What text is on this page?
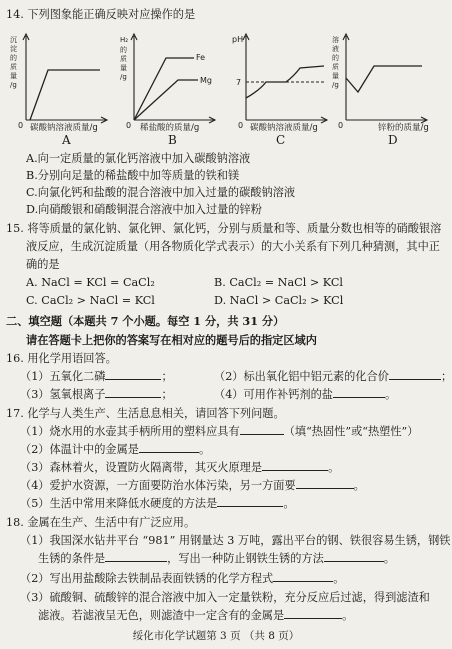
14. 下列图象能正确反映对应操作的是
沉
淀
的
质
量
/g
0 碳酸钠溶液质量/g
H₂
的
质
量
/g
Fe
Mg
0 稀盐酸的质量/g
pH
7
0 碳酸钠溶液质量/g
溶
液
的
质
量
/g
0	锌粉的质量/g
A	B	C	D
A.向一定质量的氯化钙溶液中加入碳酸钠溶液
B.分别向足量的稀盐酸中加等质量的铁和镁
C.向氯化钙和盐酸的混合溶液中加入过量的碳酸钠溶液
D.向硝酸银和硝酸铜混合溶液中加入过量的锌粉
15. 将等质量的氯化钠、氯化钾、氯化钙，分别与质量和等、质量分数也相等的硝酸银溶
液反应，生成沉淀质量（用各物质化学式表示）的大小关系有下列几种猜测，其中正
确的是
A. NaCl = KCl = CaCl₂	B. CaCl₂ = NaCl > KCl
C. CaCl₂ > NaCl = KCl	D. NaCl > CaCl₂ > KCl
二、填空题（本题共 7 个小题。每空 1 分，共 31 分）
请在答题卡上把你的答案写在相对应的题号后的指定区域内
16. 用化学用语回答。
（1）五氧化二磷	；	（2）标出氧化铝中铝元素的化合价	；
（3）氢氧根离子	；	（4）可用作补钙剂的盐	。
17. 化学与人类生产、生活息息相关，请回答下列问题。
（1）烧水用的水壶其手柄所用的塑料应具有	（填“热固性”或“热塑性”）
（2）体温计中的金属是	。
（3）森林着火，设置防火隔离带，其灭火原理是	。
（4）爱护水资源，一方面要防治水体污染，另一方面要	。
（5）生活中常用来降低水硬度的方法是	。
18. 金属在生产、生活中有广泛应用。
（1）我国深水钻井平台 “981” 用钢量达 3 万吨，露出平台的钢、铁很容易生锈，钢铁
生锈的条件是	，写出一种防止钢铁生锈的方法	。
（2）写出用盐酸除去铁制品表面铁锈的化学方程式	。
（3）硫酸铜、硫酸锌的混合溶液中加入一定量铁粉，充分反应后过滤，得到滤渣和
滤液。若滤液呈无色，则滤渣中一定含有的金属是	。
绥化市化学试题第 3 页 （共 8 页）
